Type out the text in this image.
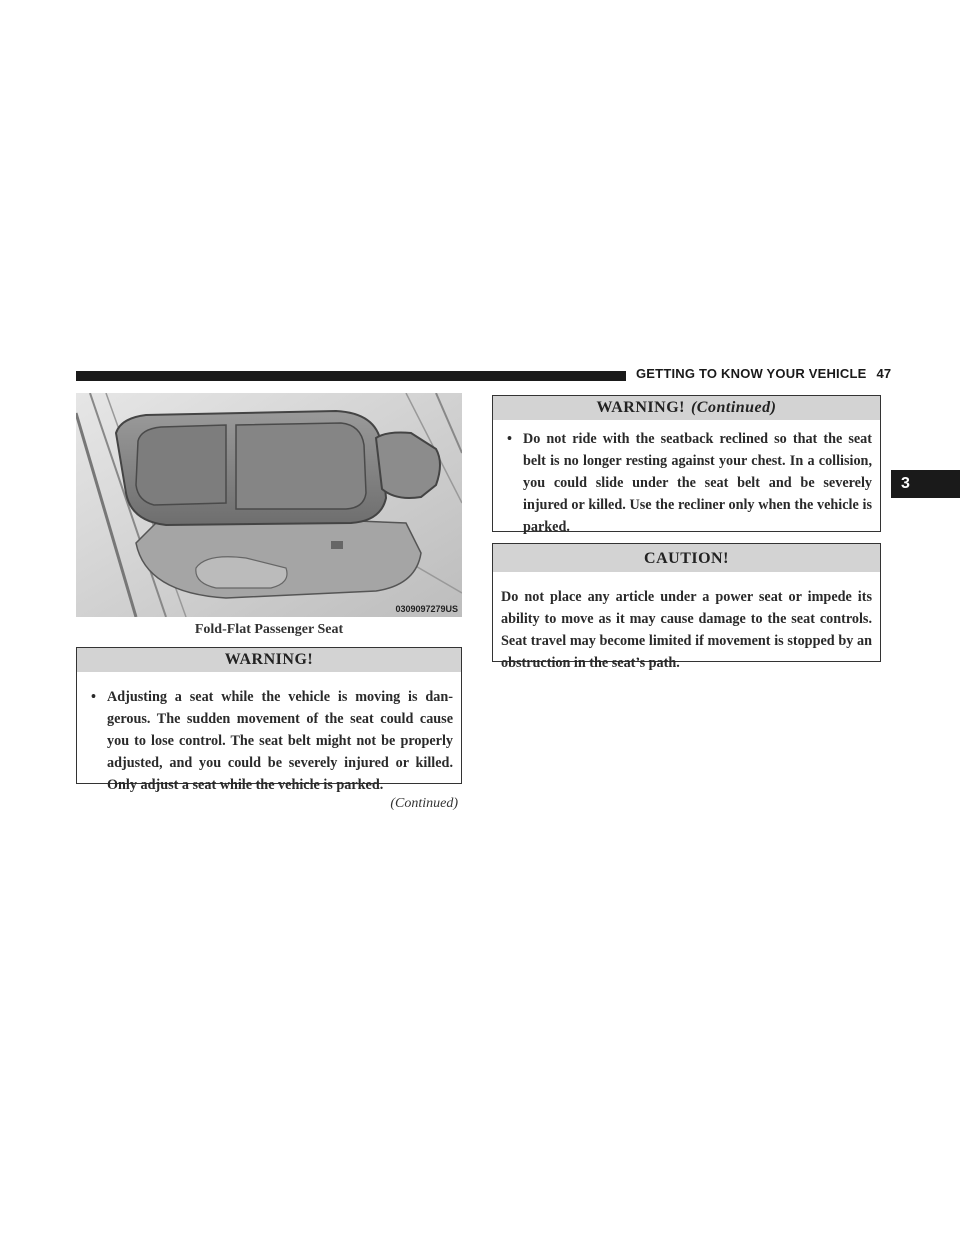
GETTING TO KNOW YOUR VEHICLE 47
3
0309097279US
Fold-Flat Passenger Seat
WARNING!
• Adjusting a seat while the vehicle is moving is dan-gerous. The sudden movement of the seat could cause you to lose control. The seat belt might not be properly adjusted, and you could be severely injured or killed. Only adjust a seat while the vehicle is parked.
(Continued)
WARNING! (Continued)
• Do not ride with the seatback reclined so that the seat belt is no longer resting against your chest. In a collision, you could slide under the seat belt and be severely injured or killed. Use the recliner only when the vehicle is parked.
CAUTION!
Do not place any article under a power seat or impede its ability to move as it may cause damage to the seat controls. Seat travel may become limited if movement is stopped by an obstruction in the seat’s path.
